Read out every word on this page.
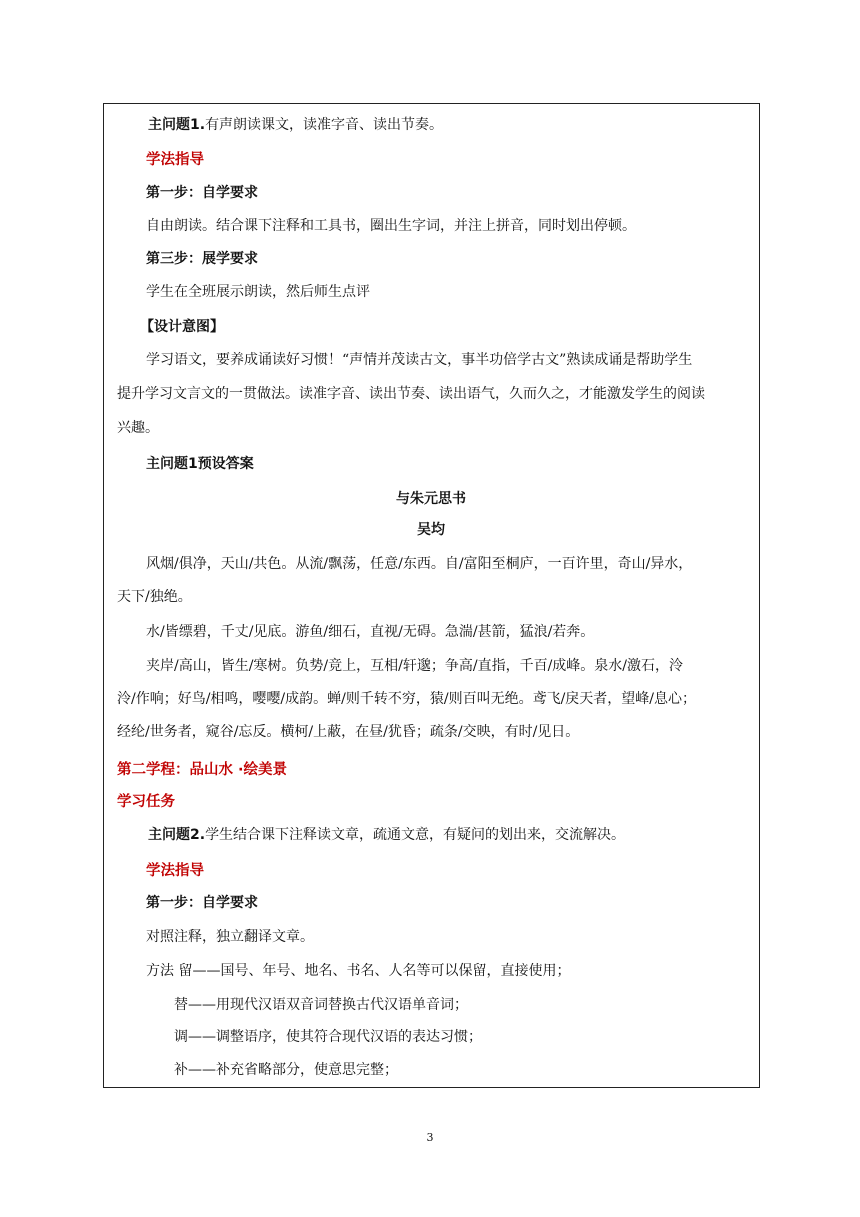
主问题1.有声朗读课文，读准字音、读出节奏。
学法指导
第一步：自学要求
自由朗读。结合课下注释和工具书，圈出生字词，并注上拼音，同时划出停顿。
第三步：展学要求
学生在全班展示朗读，然后师生点评
【设计意图】
学习语文，要养成诵读好习惯！“声情并茂读古文，事半功倍学古文”熟读成诵是帮助学生
提升学习文言文的一贯做法。读准字音、读出节奏、读出语气，久而久之，才能激发学生的阅读
兴趣。
主问题1预设答案
与朱元思书
吴均
风烟/俱净，天山/共色。从流/飘荡，任意/东西。自/富阳至桐庐，一百许里，奇山/异水，
天下/独绝。
水/皆缥碧，千丈/见底。游鱼/细石，直视/无碍。急湍/甚箭，猛浪/若奔。
夹岸/高山，皆生/寒树。负势/竞上，互相/轩邈；争高/直指，千百/成峰。泉水/激石，泠
泠/作响；好鸟/相鸣，嘤嘤/成韵。蝉/则千转不穷，猿/则百叫无绝。鸢飞/戾天者，望峰/息心；
经纶/世务者，窥谷/忘反。横柯/上蔽，在昼/犹昏；疏条/交映，有时/见日。
第二学程：品山水 ·绘美景
学习任务
主问题2.学生结合课下注释读文章，疏通文意，有疑问的划出来，交流解决。
学法指导
第一步：自学要求
对照注释，独立翻译文章。
方法 留——国号、年号、地名、书名、人名等可以保留，直接使用；
替——用现代汉语双音词替换古代汉语单音词；
调——调整语序，使其符合现代汉语的表达习惯；
补——补充省略部分，使意思完整；
3
